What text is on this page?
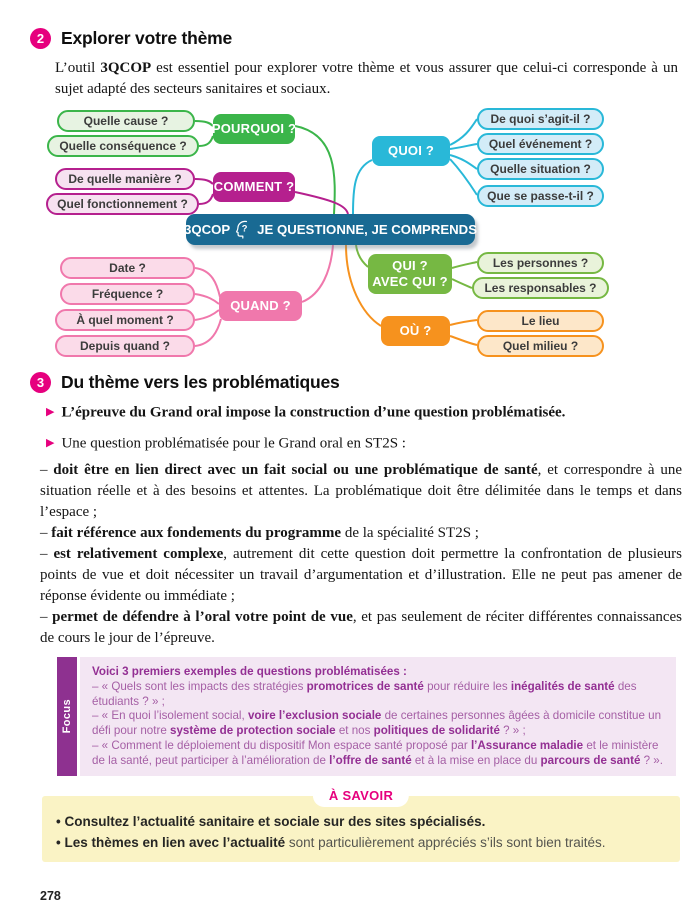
2 Explorer votre thème

L’outil 3QCOP est essentiel pour explorer votre thème et vous assurer que celui-ci corresponde à un sujet adapté des secteurs sanitaires et sociaux.

Quelle cause ?
Quelle conséquence ?
POURQUOI ?
De quelle manière ?
Quel fonctionnement ?
COMMENT ?
QUOI ?
De quoi s’agit-il ?
Quel événement ?
Quelle situation ?
Que se passe-t-il ?
3QCOP ? JE QUESTIONNE, JE COMPRENDS
QUI ?
AVEC QUI ?
Les personnes ?
Les responsables ?
OÙ ?
Le lieu
Quel milieu ?
QUAND ?
Date ?
Fréquence ?
À quel moment ?
Depuis quand ?
3 Du thème vers les problématiques

▶ L’épreuve du Grand oral impose la construction d’une question problématisée.

▶ Une question problématisée pour le Grand oral en ST2S :

– doit être en lien direct avec un fait social ou une problématique de santé, et correspondre à une situation réelle et à des besoins et attentes. La problématique doit être délimitée dans le temps et dans l’espace ;

– fait référence aux fondements du programme de la spécialité ST2S ;

– est relativement complexe, autrement dit cette question doit permettre la confrontation de plusieurs points de vue et doit nécessiter un travail d’argumentation et d’illustration. Elle ne peut pas amener de réponse évidente ou immédiate ;

– permet de défendre à l’oral votre point de vue, et pas seulement de réciter différentes connaissances de cours le jour de l’épreuve.

Focus

Voici 3 premiers exemples de questions problématisées :

– « Quels sont les impacts des stratégies promotrices de santé pour réduire les inégalités de santé des étudiants ? » ;

– « En quoi l’isolement social, voire l’exclusion sociale de certaines personnes âgées à domicile constitue un défi pour notre système de protection sociale et nos politiques de solidarité ? » ;

– « Comment le déploiement du dispositif Mon espace santé proposé par l’Assurance maladie et le ministère de la santé, peut participer à l’amélioration de l’offre de santé et à la mise en place du parcours de santé ? ».

À SAVOIR

• Consultez l’actualité sanitaire et sociale sur des sites spécialisés.

• Les thèmes en lien avec l’actualité sont particulièrement appréciés s’ils sont bien traités.

278
